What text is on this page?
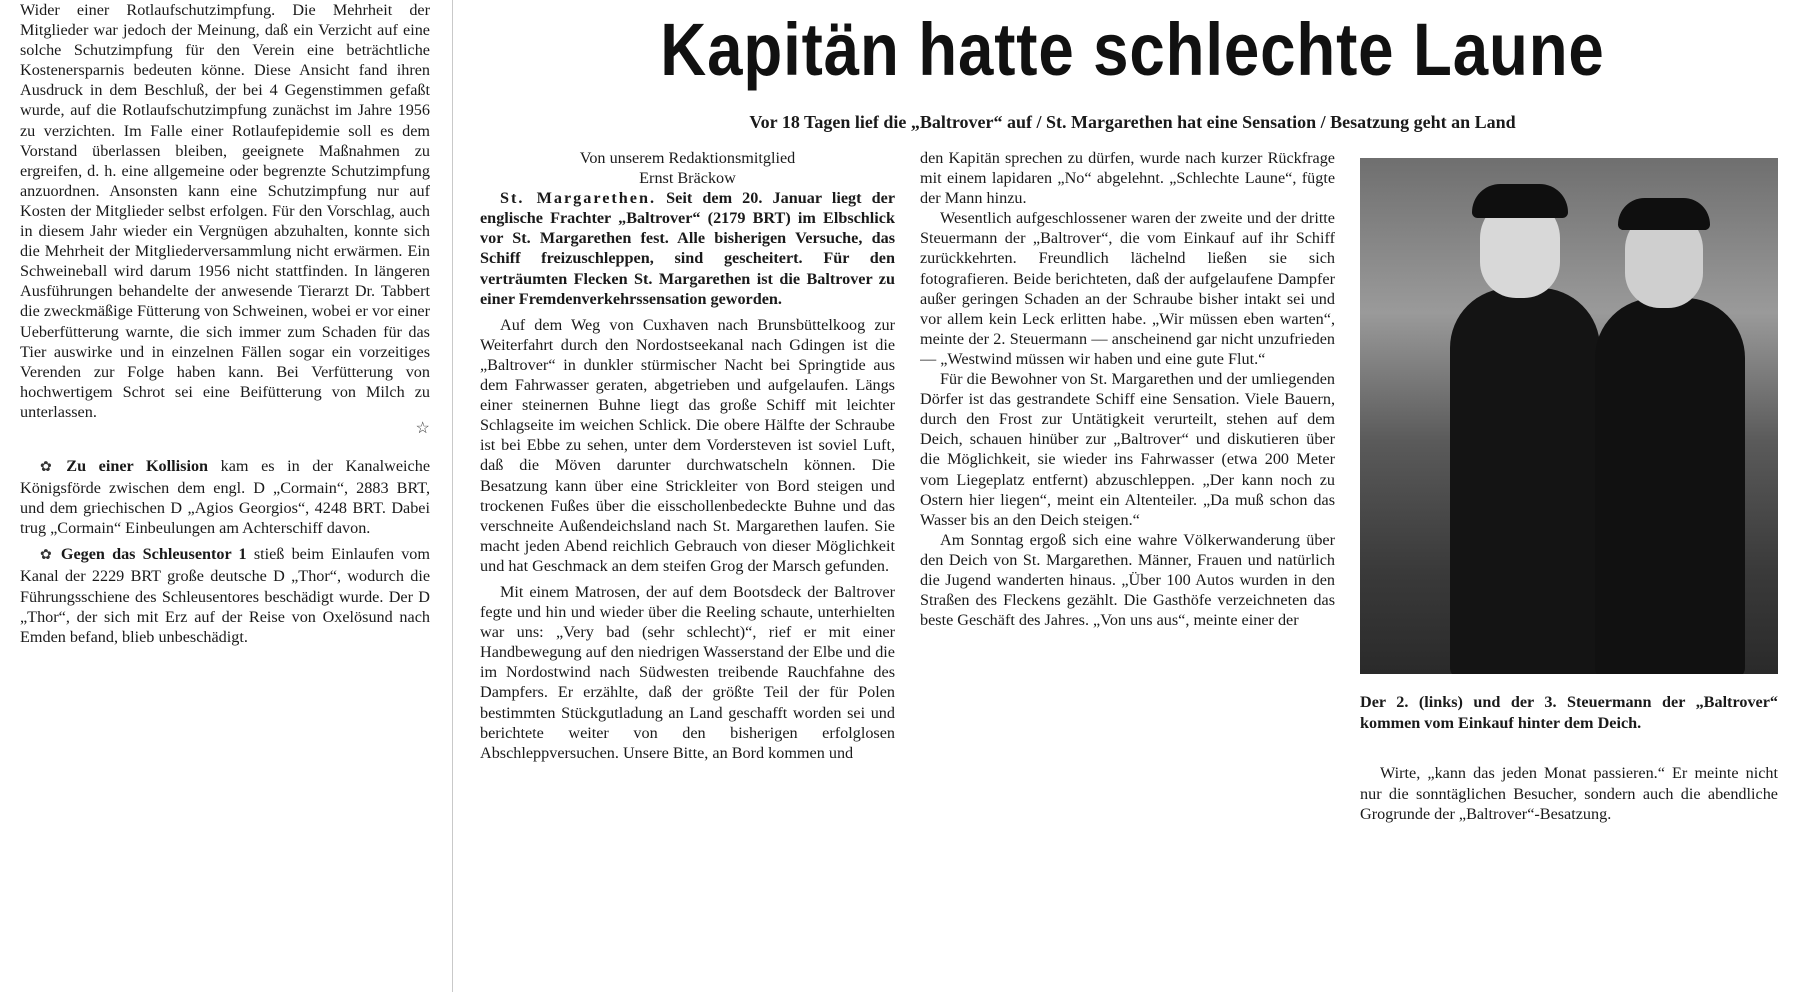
Wider einer Rotlaufschutzimpfung. Die Mehrheit der Mitglieder war jedoch der Meinung, daß ein Verzicht auf eine solche Schutzimpfung für den Verein eine beträchtliche Kostenersparnis bedeuten könne. Diese Ansicht fand ihren Ausdruck in dem Beschluß, der bei 4 Gegenstimmen gefaßt wurde, auf die Rotlaufschutzimpfung zunächst im Jahre 1956 zu verzichten. Im Falle einer Rotlaufepidemie soll es dem Vorstand überlassen bleiben, geeignete Maßnahmen zu ergreifen, d. h. eine allgemeine oder begrenzte Schutzimpfung anzuordnen. Ansonsten kann eine Schutzimpfung nur auf Kosten der Mitglieder selbst erfolgen. Für den Vorschlag, auch in diesem Jahr wieder ein Vergnügen abzuhalten, konnte sich die Mehrheit der Mitgliederversammlung nicht erwärmen. Ein Schweineball wird darum 1956 nicht stattfinden. In längeren Ausführungen behandelte der anwesende Tierarzt Dr. Tabbert die zweckmäßige Fütterung von Schweinen, wobei er vor einer Ueberfütterung warnte, die sich immer zum Schaden für das Tier auswirke und in einzelnen Fällen sogar ein vorzeitiges Verenden zur Folge haben kann. Bei Verfütterung von hochwertigem Schrot sei eine Beifütterung von Milch zu unterlassen.

☆

✿ Zu einer Kollision kam es in der Kanalweiche Königsförde zwischen dem engl. D „Cormain“, 2883 BRT, und dem griechischen D „Agios Georgios“, 4248 BRT. Dabei trug „Cormain“ Einbeulungen am Achterschiff davon.

✿ Gegen das Schleusentor 1 stieß beim Einlaufen vom Kanal der 2229 BRT große deutsche D „Thor“, wodurch die Führungsschiene des Schleusentores beschädigt wurde. Der D „Thor“, der sich mit Erz auf der Reise von Oxelösund nach Emden befand, blieb unbeschädigt.

Kapitän hatte schlechte Laune
Vor 18 Tagen lief die „Baltrover“ auf / St. Margarethen hat eine Sensation / Besatzung geht an Land

Von unserem Redaktionsmitglied

Ernst Bräckow

St. Margarethen. Seit dem 20. Januar liegt der englische Frachter „Baltrover“ (2179 BRT) im Elbschlick vor St. Margarethen fest. Alle bisherigen Versuche, das Schiff freizuschleppen, sind gescheitert. Für den verträumten Flecken St. Margarethen ist die Baltrover zu einer Fremdenverkehrssensation geworden.

Auf dem Weg von Cuxhaven nach Brunsbüttelkoog zur Weiterfahrt durch den Nordostseekanal nach Gdingen ist die „Baltrover“ in dunkler stürmischer Nacht bei Springtide aus dem Fahrwasser geraten, abgetrieben und aufgelaufen. Längs einer steinernen Buhne liegt das große Schiff mit leichter Schlagseite im weichen Schlick. Die obere Hälfte der Schraube ist bei Ebbe zu sehen, unter dem Vordersteven ist soviel Luft, daß die Möven darunter durchwatscheln können. Die Besatzung kann über eine Strickleiter von Bord steigen und trockenen Fußes über die eisschollenbedeckte Buhne und das verschneite Außendeichsland nach St. Margarethen laufen. Sie macht jeden Abend reichlich Gebrauch von dieser Möglichkeit und hat Geschmack an dem steifen Grog der Marsch gefunden.

Mit einem Matrosen, der auf dem Bootsdeck der Baltrover fegte und hin und wieder über die Reeling schaute, unterhielten war uns: „Very bad (sehr schlecht)“, rief er mit einer Handbewegung auf den niedrigen Wasserstand der Elbe und die im Nordostwind nach Südwesten treibende Rauchfahne des Dampfers. Er erzählte, daß der größte Teil der für Polen bestimmten Stückgutladung an Land geschafft worden sei und berichtete weiter von den bisherigen erfolglosen Abschleppversuchen. Unsere Bitte, an Bord kommen und

den Kapitän sprechen zu dürfen, wurde nach kurzer Rückfrage mit einem lapidaren „No“ abgelehnt. „Schlechte Laune“, fügte der Mann hinzu.

Wesentlich aufgeschlossener waren der zweite und der dritte Steuermann der „Baltrover“, die vom Einkauf auf ihr Schiff zurückkehrten. Freundlich lächelnd ließen sie sich fotografieren. Beide berichteten, daß der aufgelaufene Dampfer außer geringen Schaden an der Schraube bisher intakt sei und vor allem kein Leck erlitten habe. „Wir müssen eben warten“, meinte der 2. Steuermann — anscheinend gar nicht unzufrieden — „Westwind müssen wir haben und eine gute Flut.“

Für die Bewohner von St. Margarethen und der umliegenden Dörfer ist das gestrandete Schiff eine Sensation. Viele Bauern, durch den Frost zur Untätigkeit verurteilt, stehen auf dem Deich, schauen hinüber zur „Baltrover“ und diskutieren über die Möglichkeit, sie wieder ins Fahrwasser (etwa 200 Meter vom Liegeplatz entfernt) abzuschleppen. „Der kann noch zu Ostern hier liegen“, meint ein Altenteiler. „Da muß schon das Wasser bis an den Deich steigen.“

Am Sonntag ergoß sich eine wahre Völkerwanderung über den Deich von St. Margarethen. Männer, Frauen und natürlich die Jugend wanderten hinaus. „Über 100 Autos wurden in den Straßen des Fleckens gezählt. Die Gasthöfe verzeichneten das beste Geschäft des Jahres. „Von uns aus“, meinte einer der

Der 2. (links) und der 3. Steuermann der „Baltrover“ kommen vom Einkauf hinter dem Deich.

Wirte, „kann das jeden Monat passieren.“ Er meinte nicht nur die sonntäglichen Besucher, sondern auch die abendliche Grogrunde der „Baltrover“-Besatzung.
